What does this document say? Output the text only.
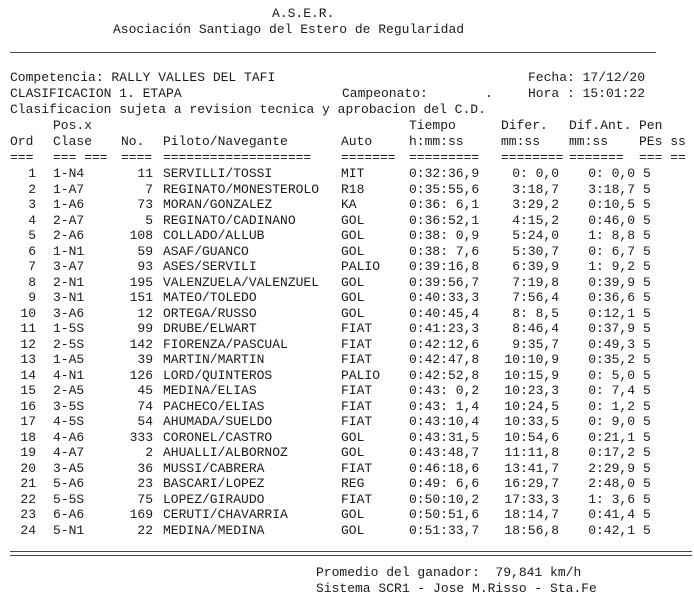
A.S.E.R.
Asociación Santiago del Estero de Regularidad
Competencia: RALLY VALLES DEL TAFI	Fecha: 17/12/20
CLASIFICACION 1. ETAPA	Campeonato:	.	Hora : 15:01:22
Clasificacion sujeta a revision tecnica y aprobacion del C.D.
Pos.x	Tiempo	Difer. Dif.Ant. Pen
Ord Clase No. Piloto/Navegante	Auto	h:mm:ss	mm:ss mm:ss PEs ss
=== === === ==== =================== ======= ========= ======== ======= === ==
1 1-N4	11 SERVILLI/TOSSI	MIT	0:32:36,9	0: 0,0	0: 0,0 5
2 1-A7	7 REGINATO/MONESTEROLO	R18	0:35:55,6	3:18,7	3:18,7 5
3 1-A6	73 MORAN/GONZALEZ	KA	0:36: 6,1	3:29,2	0:10,5 5
4 2-A7	5 REGINATO/CADINANO	GOL	0:36:52,1	4:15,2	0:46,0 5
5 2-A6	108 COLLADO/ALLUB	GOL	0:38: 0,9	5:24,0	1: 8,8 5
6 1-N1	59 ASAF/GUANCO	GOL	0:38: 7,6	5:30,7	0: 6,7 5
7 3-A7	93 ASES/SERVILI	PALIO	0:39:16,8	6:39,9	1: 9,2 5
8 2-N1	195 VALENZUELA/VALENZUEL	GOL	0:39:56,7	7:19,8	0:39,9 5
9 3-N1	151 MATEO/TOLEDO	GOL	0:40:33,3	7:56,4	0:36,6 5
10 3-A6	12 ORTEGA/RUSSO	GOL	0:40:45,4	8: 8,5	0:12,1 5
11 1-5S	99 DRUBE/ELWART	FIAT	0:41:23,3	8:46,4	0:37,9 5
12 2-5S	142 FIORENZA/PASCUAL	FIAT	0:42:12,6	9:35,7	0:49,3 5
13 1-A5	39 MARTIN/MARTIN	FIAT	0:42:47,8	10:10,9	0:35,2 5
14 4-N1	126 LORD/QUINTEROS	PALIO	0:42:52,8	10:15,9	0: 5,0 5
15 2-A5	45 MEDINA/ELIAS	FIAT	0:43: 0,2	10:23,3	0: 7,4 5
16 3-5S	74 PACHECO/ELIAS	FIAT	0:43: 1,4	10:24,5	0: 1,2 5
17 4-5S	54 AHUMADA/SUELDO	FIAT	0:43:10,4	10:33,5	0: 9,0 5
18 4-A6	333 CORONEL/CASTRO	GOL	0:43:31,5	10:54,6	0:21,1 5
19 4-A7	2 AHUALLI/ALBORNOZ	GOL	0:43:48,7	11:11,8	0:17,2 5
20 3-A5	36 MUSSI/CABRERA	FIAT	0:46:18,6	13:41,7	2:29,9 5
21 5-A6	23 BASCARI/LOPEZ	REG	0:49: 6,6	16:29,7	2:48,0 5
22 5-5S	75 LOPEZ/GIRAUDO	FIAT	0:50:10,2	17:33,3	1: 3,6 5
23 6-A6	169 CERUTI/CHAVARRIA	GOL	0:50:51,6	18:14,7	0:41,4 5
24 5-N1	22 MEDINA/MEDINA	GOL	0:51:33,7	18:56,8	0:42,1 5
Promedio del ganador:  79,841 km/h
Sistema SCR1 - Jose M.Risso - Sta.Fe
